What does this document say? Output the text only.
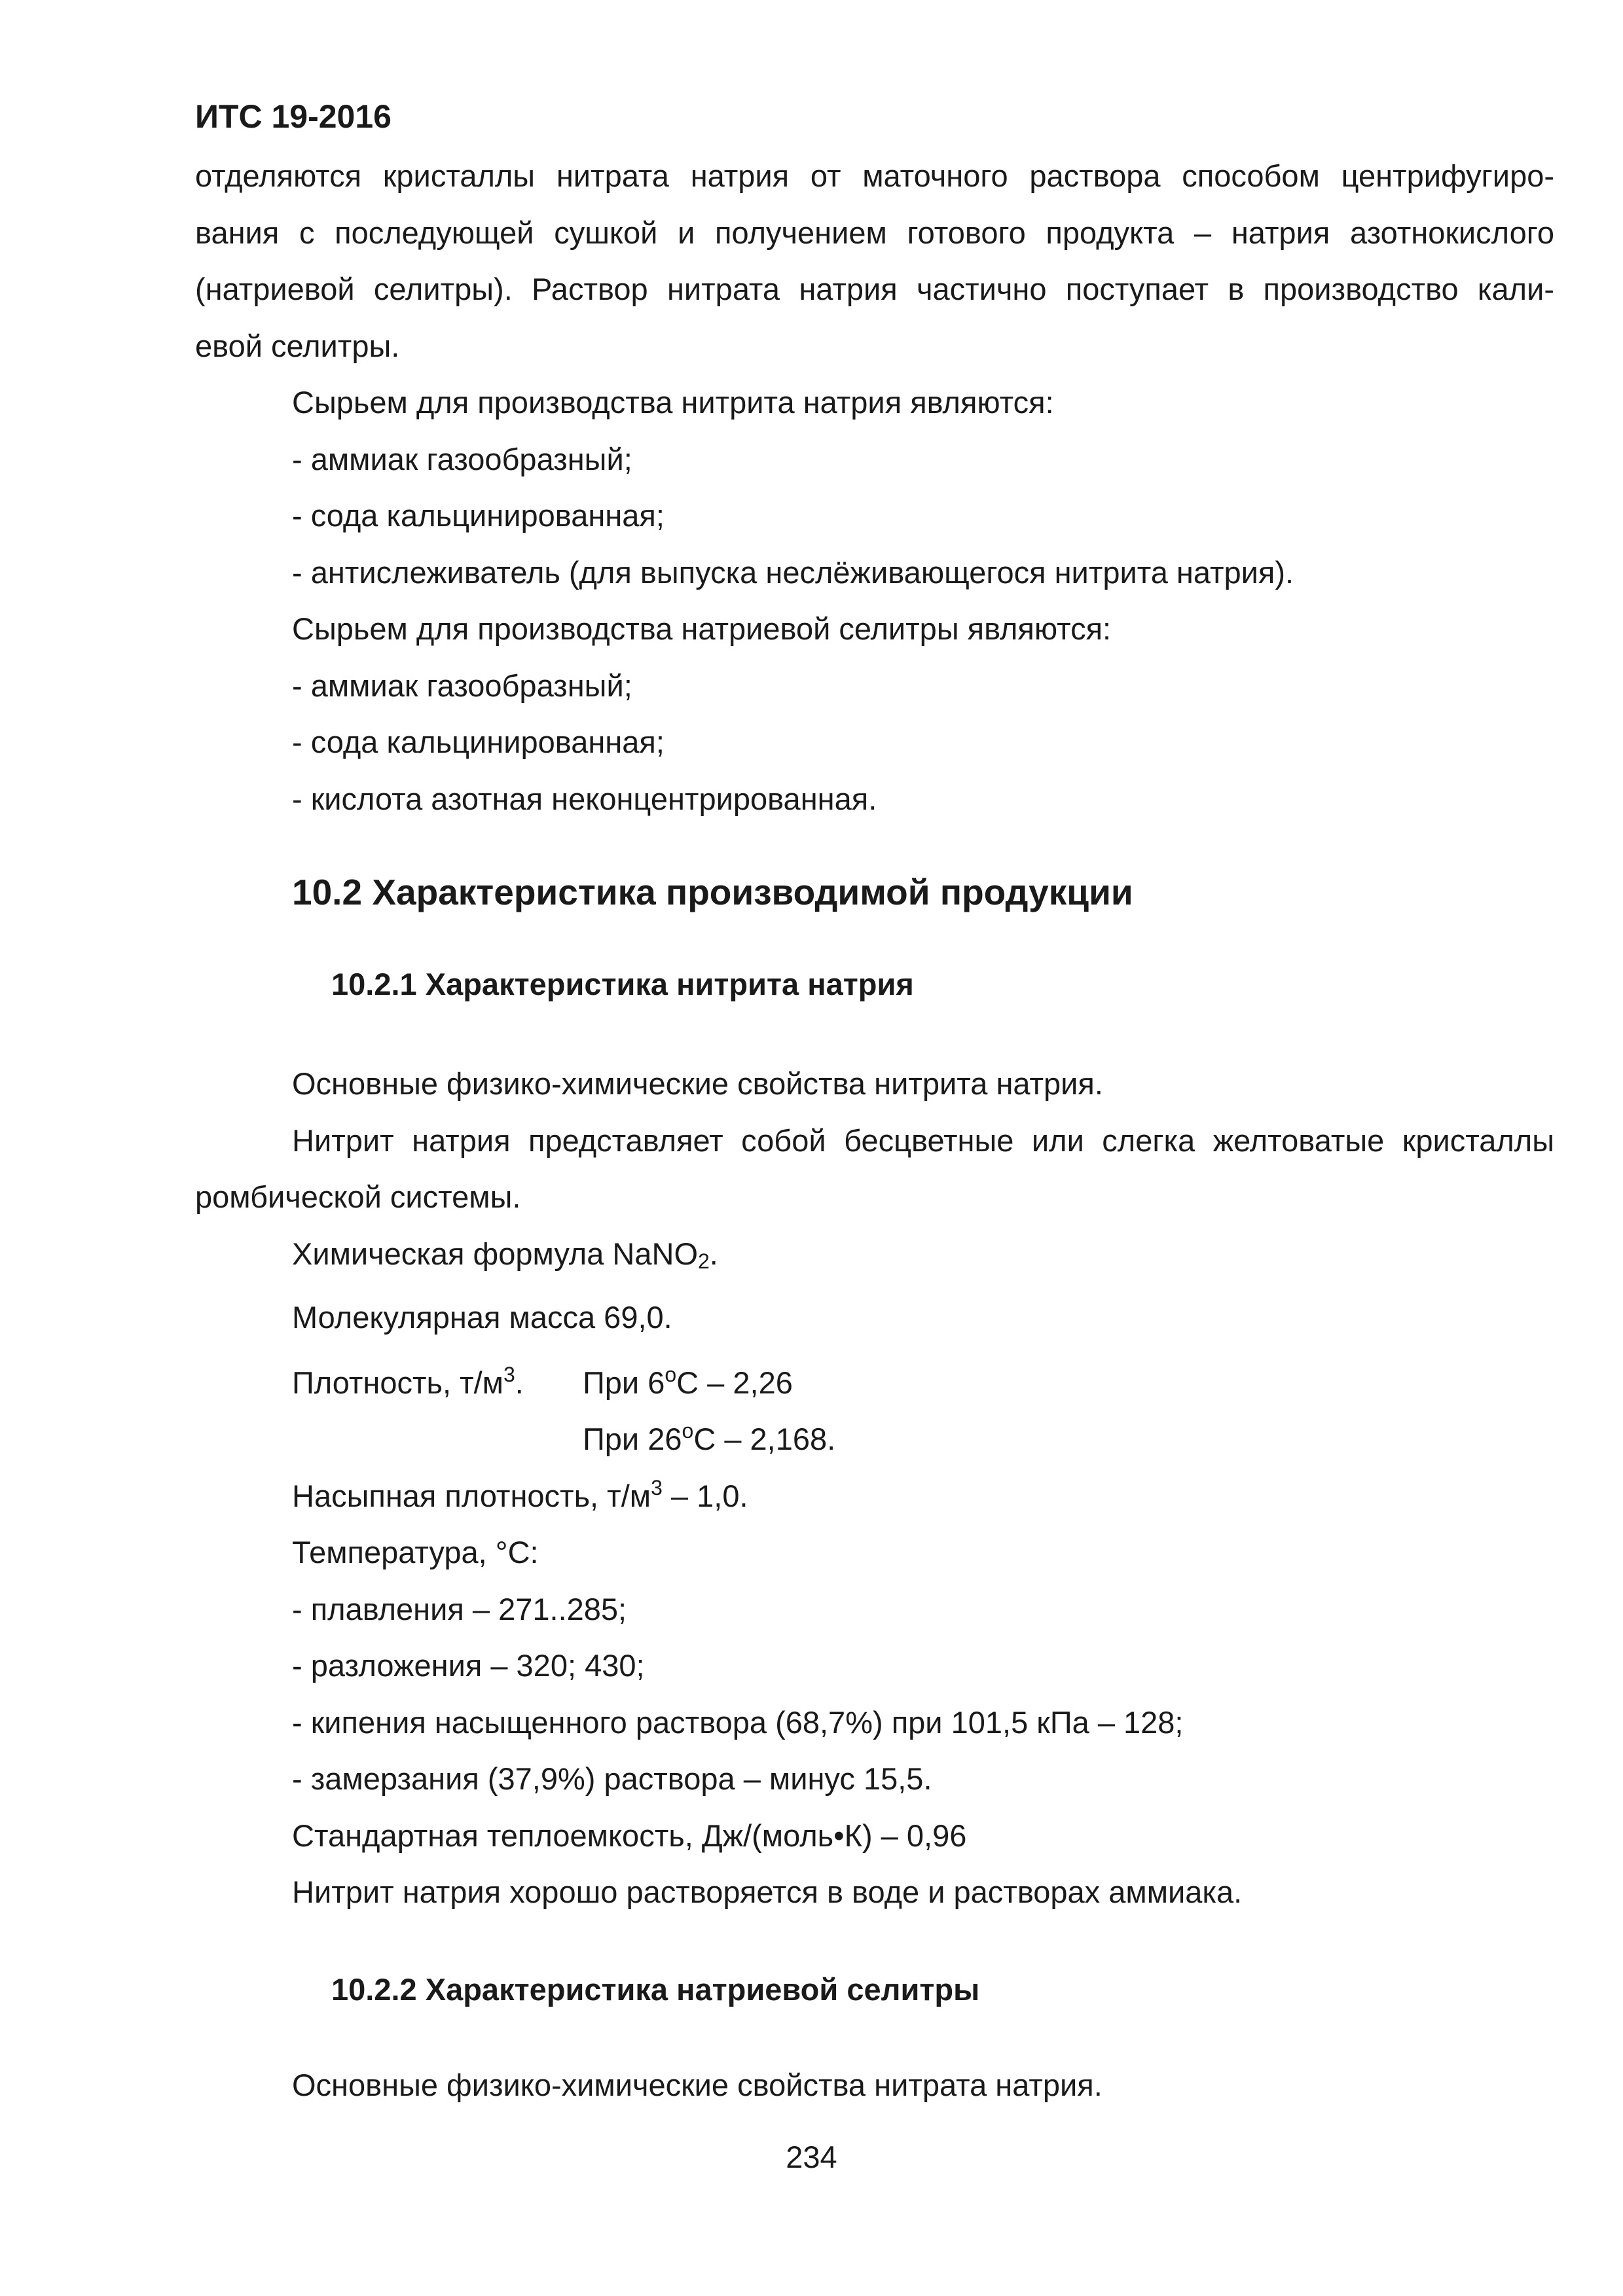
ИТС 19-2016

отделяются кристаллы нитрата натрия от маточного раствора способом центрифугиро-

вания с последующей сушкой и получением готового продукта – натрия азотнокислого

(натриевой селитры). Раствор нитрата натрия частично поступает в производство кали-

евой селитры.

Сырьем для производства нитрита натрия являются:

- аммиак газообразный;

- сода кальцинированная;

- антислеживатель (для выпуска неслёживающегося нитрита натрия).

Сырьем для производства натриевой селитры являются:

- аммиак газообразный;

- сода кальцинированная;

- кислота азотная неконцентрированная.

10.2 Характеристика производимой продукции
10.2.1 Характеристика нитрита натрия

Основные физико-химические свойства нитрита натрия.

Нитрит натрия представляет собой бесцветные или слегка желтоватые кристаллы

ромбической системы.

Химическая формула NaNO2.

Молекулярная масса 69,0.

Плотность, $т/м^3$. При $6^оС - 2,26$
При $26^оС - 2,168$.

Насыпная плотность, $т/м^3 - 1,0$.

Температура, °С:

- плавления – 271..285;

- разложения – 320; 430;

- кипения насыщенного раствора (68,7%) при 101,5 кПа – 128;

- замерзания (37,9%) раствора – минус 15,5.

Стандартная теплоемкость, Дж/(моль•К) – 0,96

Нитрит натрия хорошо растворяется в воде и растворах аммиака.

10.2.2 Характеристика натриевой селитры

Основные физико-химические свойства нитрата натрия.

234
